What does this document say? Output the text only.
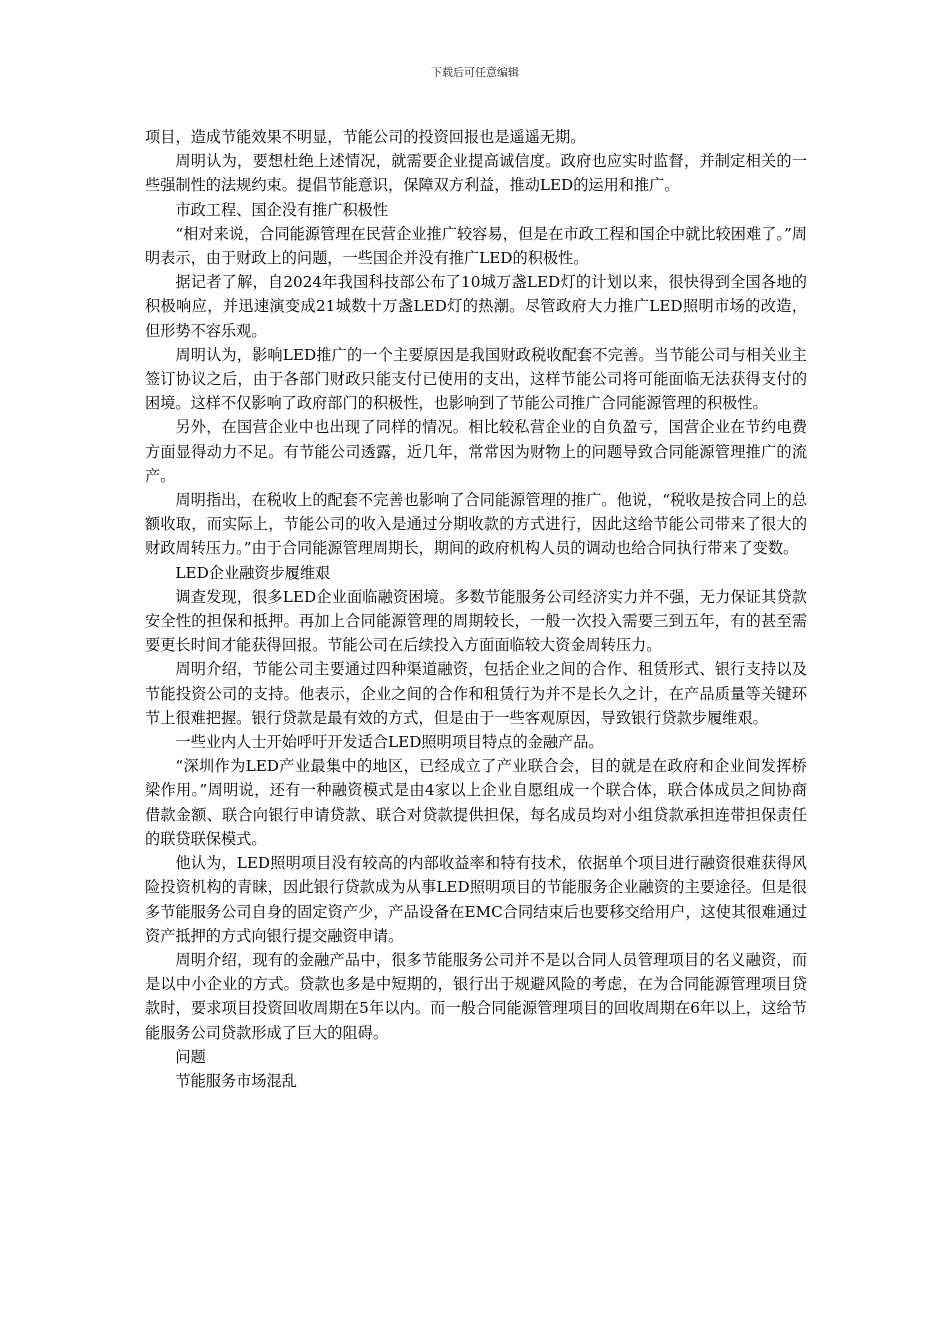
下载后可任意编辑

项目，造成节能效果不明显，节能公司的投资回报也是遥遥无期。

周明认为，要想杜绝上述情况，就需要企业提高诚信度。政府也应实时监督，并制定相关的一些强制性的法规约束。提倡节能意识，保障双方利益，推动LED的运用和推广。

市政工程、国企没有推广积极性

“相对来说，合同能源管理在民营企业推广较容易，但是在市政工程和国企中就比较困难了。”周明表示，由于财政上的问题，一些国企并没有推广LED的积极性。

据记者了解，自2024年我国科技部公布了10城万盏LED灯的计划以来，很快得到全国各地的积极响应，并迅速演变成21城数十万盏LED灯的热潮。尽管政府大力推广LED照明市场的改造，但形势不容乐观。

周明认为，影响LED推广的一个主要原因是我国财政税收配套不完善。当节能公司与相关业主签订协议之后，由于各部门财政只能支付已使用的支出，这样节能公司将可能面临无法获得支付的困境。这样不仅影响了政府部门的积极性，也影响到了节能公司推广合同能源管理的积极性。

另外，在国营企业中也出现了同样的情况。相比较私营企业的自负盈亏，国营企业在节约电费方面显得动力不足。有节能公司透露，近几年，常常因为财物上的问题导致合同能源管理推广的流产。

周明指出，在税收上的配套不完善也影响了合同能源管理的推广。他说，“税收是按合同上的总额收取，而实际上，节能公司的收入是通过分期收款的方式进行，因此这给节能公司带来了很大的财政周转压力。”由于合同能源管理周期长，期间的政府机构人员的调动也给合同执行带来了变数。

LED企业融资步履维艰

调查发现，很多LED企业面临融资困境。多数节能服务公司经济实力并不强，无力保证其贷款安全性的担保和抵押。再加上合同能源管理的周期较长，一般一次投入需要三到五年，有的甚至需要更长时间才能获得回报。节能公司在后续投入方面面临较大资金周转压力。

周明介绍，节能公司主要通过四种渠道融资，包括企业之间的合作、租赁形式、银行支持以及节能投资公司的支持。他表示，企业之间的合作和租赁行为并不是长久之计，在产品质量等关键环节上很难把握。银行贷款是最有效的方式，但是由于一些客观原因，导致银行贷款步履维艰。

一些业内人士开始呼吁开发适合LED照明项目特点的金融产品。

“深圳作为LED产业最集中的地区，已经成立了产业联合会，目的就是在政府和企业间发挥桥梁作用。”周明说，还有一种融资模式是由4家以上企业自愿组成一个联合体，联合体成员之间协商借款金额、联合向银行申请贷款、联合对贷款提供担保，每名成员均对小组贷款承担连带担保责任的联贷联保模式。

他认为，LED照明项目没有较高的内部收益率和特有技术，依据单个项目进行融资很难获得风险投资机构的青睐，因此银行贷款成为从事LED照明项目的节能服务企业融资的主要途径。但是很多节能服务公司自身的固定资产少，产品设备在EMC合同结束后也要移交给用户，这使其很难通过资产抵押的方式向银行提交融资申请。

周明介绍，现有的金融产品中，很多节能服务公司并不是以合同人员管理项目的名义融资，而是以中小企业的方式。贷款也多是中短期的，银行出于规避风险的考虑，在为合同能源管理项目贷款时，要求项目投资回收周期在5年以内。而一般合同能源管理项目的回收周期在6年以上，这给节能服务公司贷款形成了巨大的阻碍。

问题

节能服务市场混乱
